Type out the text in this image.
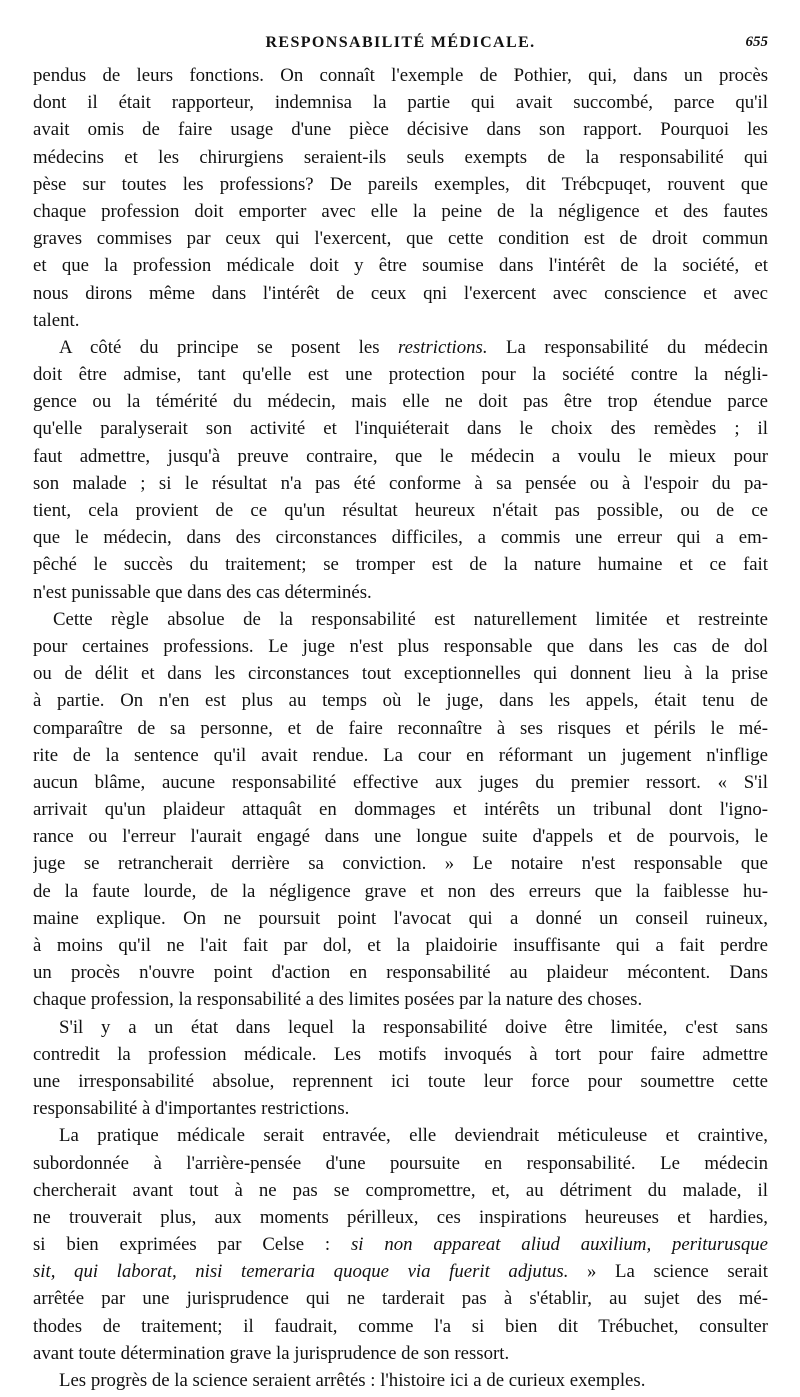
RESPONSABILITÉ MÉDICALE.	655

pendus de leurs fonctions. On connaît l'exemple de Pothier, qui, dans un procès
dont il était rapporteur, indemnisa la partie qui avait succombé, parce qu'il
avait omis de faire usage d'une pièce décisive dans son rapport. Pourquoi les
médecins et les chirurgiens seraient-ils seuls exempts de la responsabilité qui
pèse sur toutes les professions? De pareils exemples, dit Trébcpuqet, rouvent que
chaque profession doit emporter avec elle la peine de la négligence et des fautes
graves commises par ceux qui l'exercent, que cette condition est de droit commun
et que la profession médicale doit y être soumise dans l'intérêt de la société, et
nous dirons même dans l'intérêt de ceux qni l'exercent avec conscience et avec
talent.

A côté du principe se posent les restrictions. La responsabilité du médecin
doit être admise, tant qu'elle est une protection pour la société contre la négli-
gence ou la témérité du médecin, mais elle ne doit pas être trop étendue parce
qu'elle paralyserait son activité et l'inquiéterait dans le choix des remèdes ; il
faut admettre, jusqu'à preuve contraire, que le médecin a voulu le mieux pour
son malade ; si le résultat n'a pas été conforme à sa pensée ou à l'espoir du pa-
tient, cela provient de ce qu'un résultat heureux n'était pas possible, ou de ce
que le médecin, dans des circonstances difficiles, a commis une erreur qui a em-
pêché le succès du traitement; se tromper est de la nature humaine et ce fait
n'est punissable que dans des cas déterminés.

Cette règle absolue de la responsabilité est naturellement limitée et restreinte
pour certaines professions. Le juge n'est plus responsable que dans les cas de dol
ou de délit et dans les circonstances tout exceptionnelles qui donnent lieu à la prise
à partie. On n'en est plus au temps où le juge, dans les appels, était tenu de
comparaître de sa personne, et de faire reconnaître à ses risques et périls le mé-
rite de la sentence qu'il avait rendue. La cour en réformant un jugement n'inflige
aucun blâme, aucune responsabilité effective aux juges du premier ressort. « S'il
arrivait qu'un plaideur attaquât en dommages et intérêts un tribunal dont l'igno-
rance ou l'erreur l'aurait engagé dans une longue suite d'appels et de pourvois, le
juge se retrancherait derrière sa conviction. » Le notaire n'est responsable que
de la faute lourde, de la négligence grave et non des erreurs que la faiblesse hu-
maine explique. On ne poursuit point l'avocat qui a donné un conseil ruineux,
à moins qu'il ne l'ait fait par dol, et la plaidoirie insuffisante qui a fait perdre
un procès n'ouvre point d'action en responsabilité au plaideur mécontent. Dans
chaque profession, la responsabilité a des limites posées par la nature des choses.

S'il y a un état dans lequel la responsabilité doive être limitée, c'est sans
contredit la profession médicale. Les motifs invoqués à tort pour faire admettre
une irresponsabilité absolue, reprennent ici toute leur force pour soumettre cette
responsabilité à d'importantes restrictions.

La pratique médicale serait entravée, elle deviendrait méticuleuse et craintive,
subordonnée à l'arrière-pensée d'une poursuite en responsabilité. Le médecin
chercherait avant tout à ne pas se compromettre, et, au détriment du malade, il
ne trouverait plus, aux moments périlleux, ces inspirations heureuses et hardies,
si bien exprimées par Celse : si non appareat aliud auxilium, periturusque
sit, qui laborat, nisi temeraria quoque via fuerit adjutus. » La science serait
arrêtée par une jurisprudence qui ne tarderait pas à s'établir, au sujet des mé-
thodes de traitement; il faudrait, comme l'a si bien dit Trébuchet, consulter
avant toute détermination grave la jurisprudence de son ressort.

Les progrès de la science seraient arrêtés : l'histoire ici a de curieux exemples.
